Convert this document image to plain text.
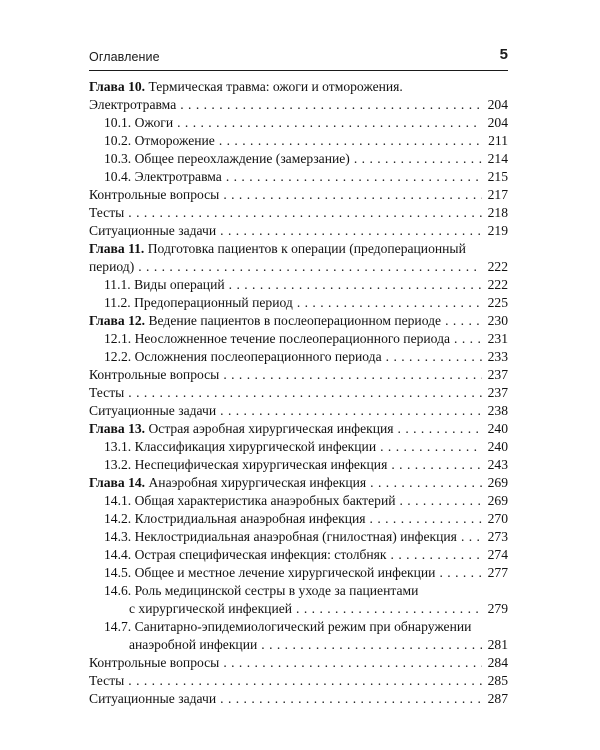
Оглавление	5
Глава 10. Термическая травма: ожоги и отморожения.
Электротравма . . .	204
10.1. Ожоги . . .	204
10.2. Отморожение . . .	211
10.3. Общее переохлаждение (замерзание) . . .	214
10.4. Электротравма . . .	215
Контрольные вопросы . . .	217
Тесты . . .	218
Ситуационные задачи . . .	219
Глава 11. Подготовка пациентов к операции (предоперационный
период) . . .	222
11.1. Виды операций . . .	222
11.2. Предоперационный период . . .	225
Глава 12. Ведение пациентов в послеоперационном периоде . . .	230
12.1. Неосложненное течение послеоперационного периода . . .	231
12.2. Осложнения послеоперационного периода . . .	233
Контрольные вопросы . . .	237
Тесты . . .	237
Ситуационные задачи . . .	238
Глава 13. Острая аэробная хирургическая инфекция . . .	240
13.1. Классификация хирургической инфекции . . .	240
13.2. Неспецифическая хирургическая инфекция . . .	243
Глава 14. Анаэробная хирургическая инфекция . . .	269
14.1. Общая характеристика анаэробных бактерий . . .	269
14.2. Клостридиальная анаэробная инфекция . . .	270
14.3. Неклостридиальная анаэробная (гнилостная) инфекция . . .	273
14.4. Острая специфическая инфекция: столбняк . . .	274
14.5. Общее и местное лечение хирургической инфекции . . .	277
14.6. Роль медицинской сестры в уходе за пациентами
с хирургической инфекцией . . .	279
14.7. Санитарно-эпидемиологический режим при обнаружении
анаэробной инфекции . . .	281
Контрольные вопросы . . .	284
Тесты . . .	285
Ситуационные задачи . . .	287
